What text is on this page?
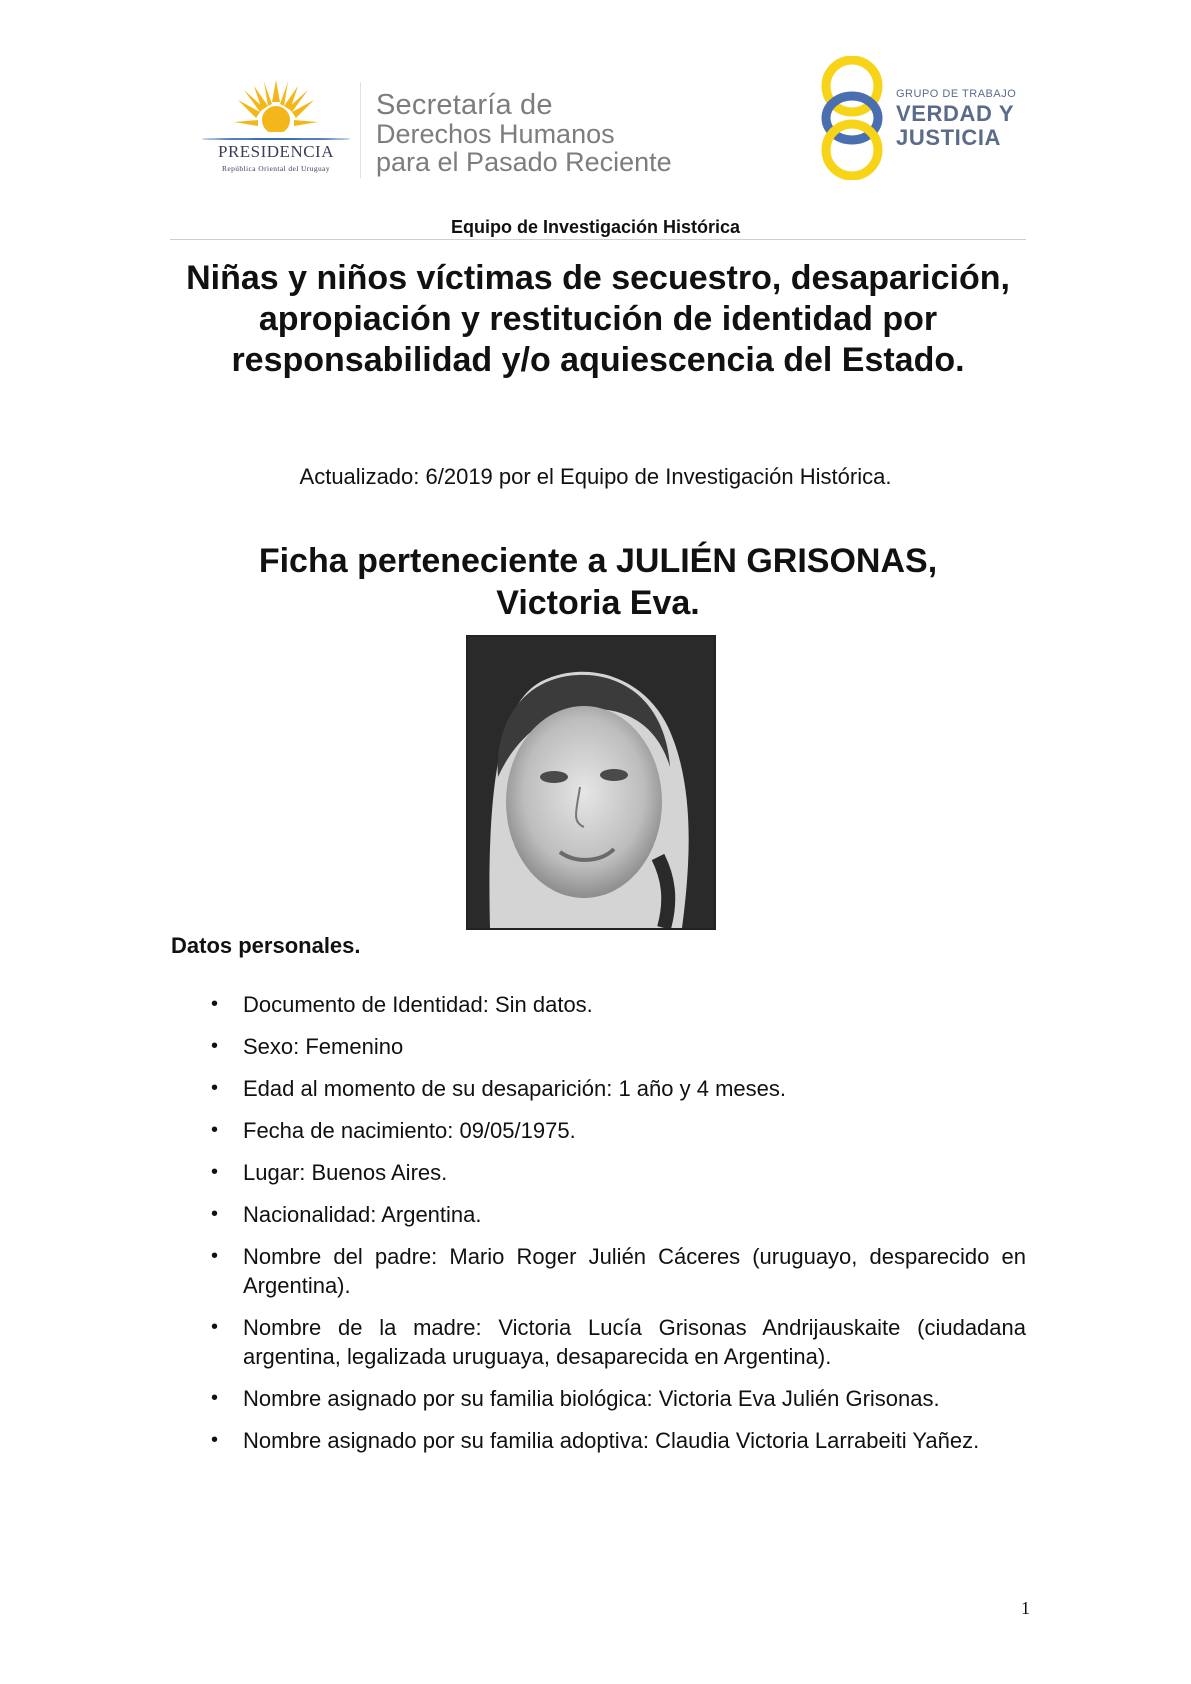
PRESIDENCIA
República Oriental del Uruguay
Secretaría de
Derechos Humanos
para el Pasado Reciente
GRUPO DE TRABAJO
VERDAD Y
JUSTICIA
Equipo de Investigación Histórica
Niñas y niños víctimas de secuestro, desaparición, apropiación y restitución de identidad por responsabilidad y/o aquiescencia del Estado.
Actualizado: 6/2019 por el Equipo de Investigación Histórica.
Ficha perteneciente a JULIÉN GRISONAS,
Victoria Eva.
Datos personales.
• Documento de Identidad: Sin datos.
• Sexo: Femenino
• Edad al momento de su desaparición: 1 año y 4 meses.
• Fecha de nacimiento: 09/05/1975.
• Lugar: Buenos Aires.
• Nacionalidad: Argentina.
• Nombre del padre: Mario Roger Julién Cáceres (uruguayo, desparecido en Argentina).
• Nombre de la madre: Victoria Lucía Grisonas Andrijauskaite (ciudadana argentina, legalizada uruguaya, desaparecida en Argentina).
• Nombre asignado por su familia biológica: Victoria Eva Julién Grisonas.
• Nombre asignado por su familia adoptiva: Claudia Victoria Larrabeiti Yañez.
1
